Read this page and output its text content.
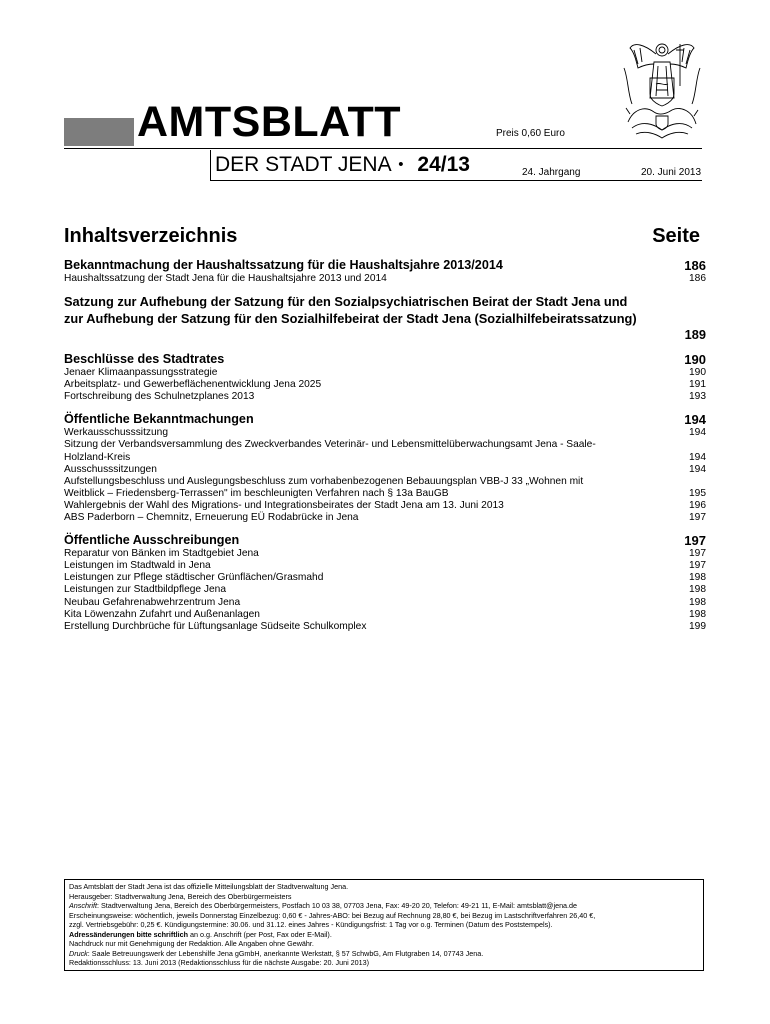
AMTSBLATT	Preis 0,60 Euro
DER STADT JENA • 24/13	24. Jahrgang	20. Juni 2013
Inhaltsverzeichnis	Seite
Bekanntmachung der Haushaltssatzung für die Haushaltsjahre 2013/2014	186
Haushaltssatzung der Stadt Jena für die Haushaltsjahre 2013 und 2014	186
Satzung zur Aufhebung der Satzung für den Sozialpsychiatrischen Beirat der Stadt Jena und
zur Aufhebung der Satzung für den Sozialhilfebeirat der Stadt Jena (Sozialhilfebeiratssatzung)
189
Beschlüsse des Stadtrates	190
Jenaer Klimaanpassungsstrategie	190
Arbeitsplatz- und Gewerbeflächenentwicklung Jena 2025	191
Fortschreibung des Schulnetzplanes 2013	193
Öffentliche Bekanntmachungen	194
Werkausschusssitzung	194
Sitzung der Verbandsversammlung des Zweckverbandes Veterinär- und Lebensmittelüberwachungsamt Jena - Saale-
Holzland-Kreis	194
Ausschusssitzungen	194
Aufstellungsbeschluss und Auslegungsbeschluss zum vorhabenbezogenen Bebauungsplan VBB-J 33 „Wohnen mit
Weitblick – Friedensberg-Terrassen" im beschleunigten Verfahren nach § 13a BauGB	195
Wahlergebnis der Wahl des Migrations- und Integrationsbeirates der Stadt Jena am 13. Juni 2013	196
ABS Paderborn – Chemnitz, Erneuerung EÜ Rodabrücke in Jena	197
Öffentliche Ausschreibungen	197
Reparatur von Bänken im Stadtgebiet Jena	197
Leistungen im Stadtwald in Jena	197
Leistungen zur Pflege städtischer Grünflächen/Grasmahd	198
Leistungen zur Stadtbildpflege Jena	198
Neubau Gefahrenabwehrzentrum Jena	198
Kita Löwenzahn Zufahrt und Außenanlagen	198
Erstellung Durchbrüche für Lüftungsanlage Südseite Schulkomplex	199

Das Amtsblatt der Stadt Jena ist das offizielle Mitteilungsblatt der Stadtverwaltung Jena.

Herausgeber: Stadtverwaltung Jena, Bereich des Oberbürgermeisters

Anschrift: Stadtverwaltung Jena, Bereich des Oberbürgermeisters, Postfach 10 03 38, 07703 Jena, Fax: 49-20 20, Telefon: 49-21 11, E-Mail: amtsblatt@jena.de

Erscheinungsweise: wöchentlich, jeweils Donnerstag Einzelbezug: 0,60 € - Jahres-ABO: bei Bezug auf Rechnung 28,80 €, bei Bezug im Lastschriftverfahren 26,40 €,

zzgl. Vertriebsgebühr: 0,25 €. Kündigungstermine: 30.06. und 31.12. eines Jahres - Kündigungsfrist: 1 Tag vor o.g. Terminen (Datum des Poststempels).

Adressänderungen bitte schriftlich an o.g. Anschrift (per Post, Fax oder E-Mail).

Nachdruck nur mit Genehmigung der Redaktion. Alle Angaben ohne Gewähr.

Druck: Saale Betreuungswerk der Lebenshilfe Jena gGmbH, anerkannte Werkstatt, § 57 SchwbG, Am Flutgraben 14, 07743 Jena.

Redaktionsschluss: 13. Juni 2013 (Redaktionsschluss für die nächste Ausgabe: 20. Juni 2013)
